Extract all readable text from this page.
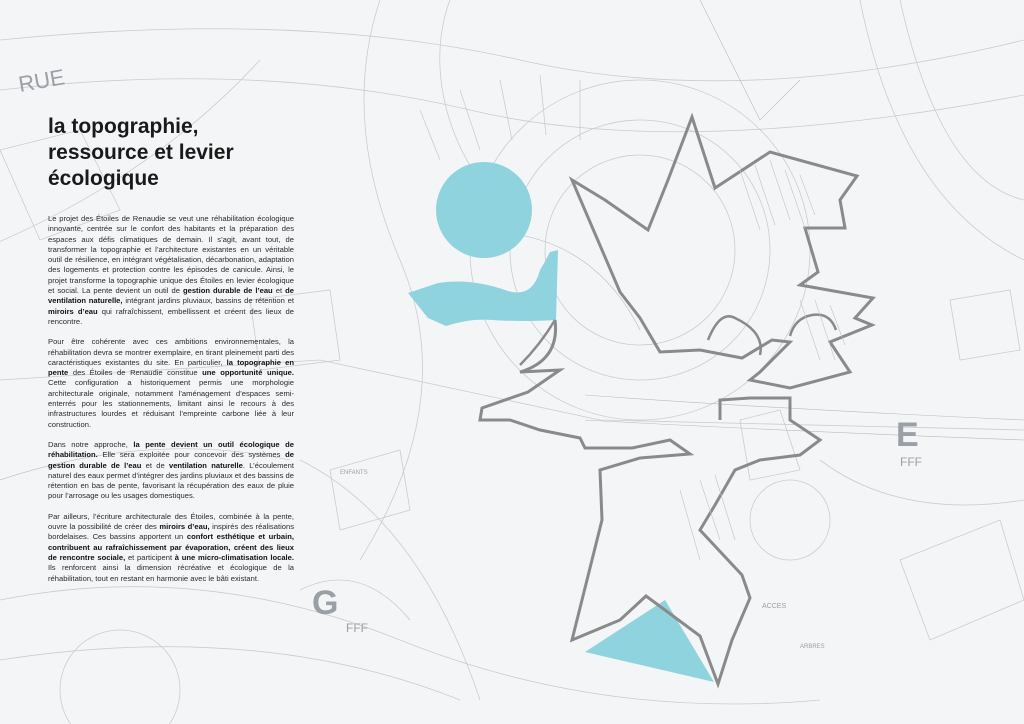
RUE
G
FFF
E
FFF
ACCES
ENFANTS
ARBRES
la topographie,
ressource et levier
écologique

Le projet des Étoiles de Renaudie se veut une réhabilitation écologique innovante, centrée sur le confort des habitants et la préparation des espaces aux défis climatiques de demain. Il s’agit, avant tout, de transformer la topographie et l’architecture existantes en un véritable outil de résilience, en intégrant végétalisation, décarbonation, adaptation des logements et protection contre les épisodes de canicule. Ainsi, le projet transforme la topographie unique des Étoiles en levier écologique et social. La pente devient un outil de gestion durable de l’eau et de ventilation naturelle, intégrant jardins pluviaux, bassins de rétention et miroirs d’eau qui rafraîchissent, embellissent et créent des lieux de rencontre.

Pour être cohérente avec ces ambitions environnementales, la réhabilitation devra se montrer exemplaire, en tirant pleinement parti des caractéristiques existantes du site. En particulier, la topographie en pente des Étoiles de Renaudie constitue une opportunité unique. Cette configuration a historiquement permis une morphologie architecturale originale, notamment l’aménagement d’espaces semi-enterrés pour les stationnements, limitant ainsi le recours à des infrastructures lourdes et réduisant l’empreinte carbone liée à leur construction.

Dans notre approche, la pente devient un outil écologique de réhabilitation. Elle sera exploitée pour concevoir des systèmes de gestion durable de l’eau et de ventilation naturelle. L’écoulement naturel des eaux permet d’intégrer des jardins pluviaux et des bassins de rétention en bas de pente, favorisant la récupération des eaux de pluie pour l’arrosage ou les usages domestiques.

Par ailleurs, l’écriture architecturale des Étoiles, combinée à la pente, ouvre la possibilité de créer des miroirs d’eau, inspirés des réalisations bordelaises. Ces bassins apportent un confort esthétique et urbain, contribuent au rafraîchissement par évaporation, créent des lieux de rencontre sociale, et participent à une micro-climatisation locale. Ils renforcent ainsi la dimension récréative et écologique de la réhabilitation, tout en restant en harmonie avec le bâti existant.
